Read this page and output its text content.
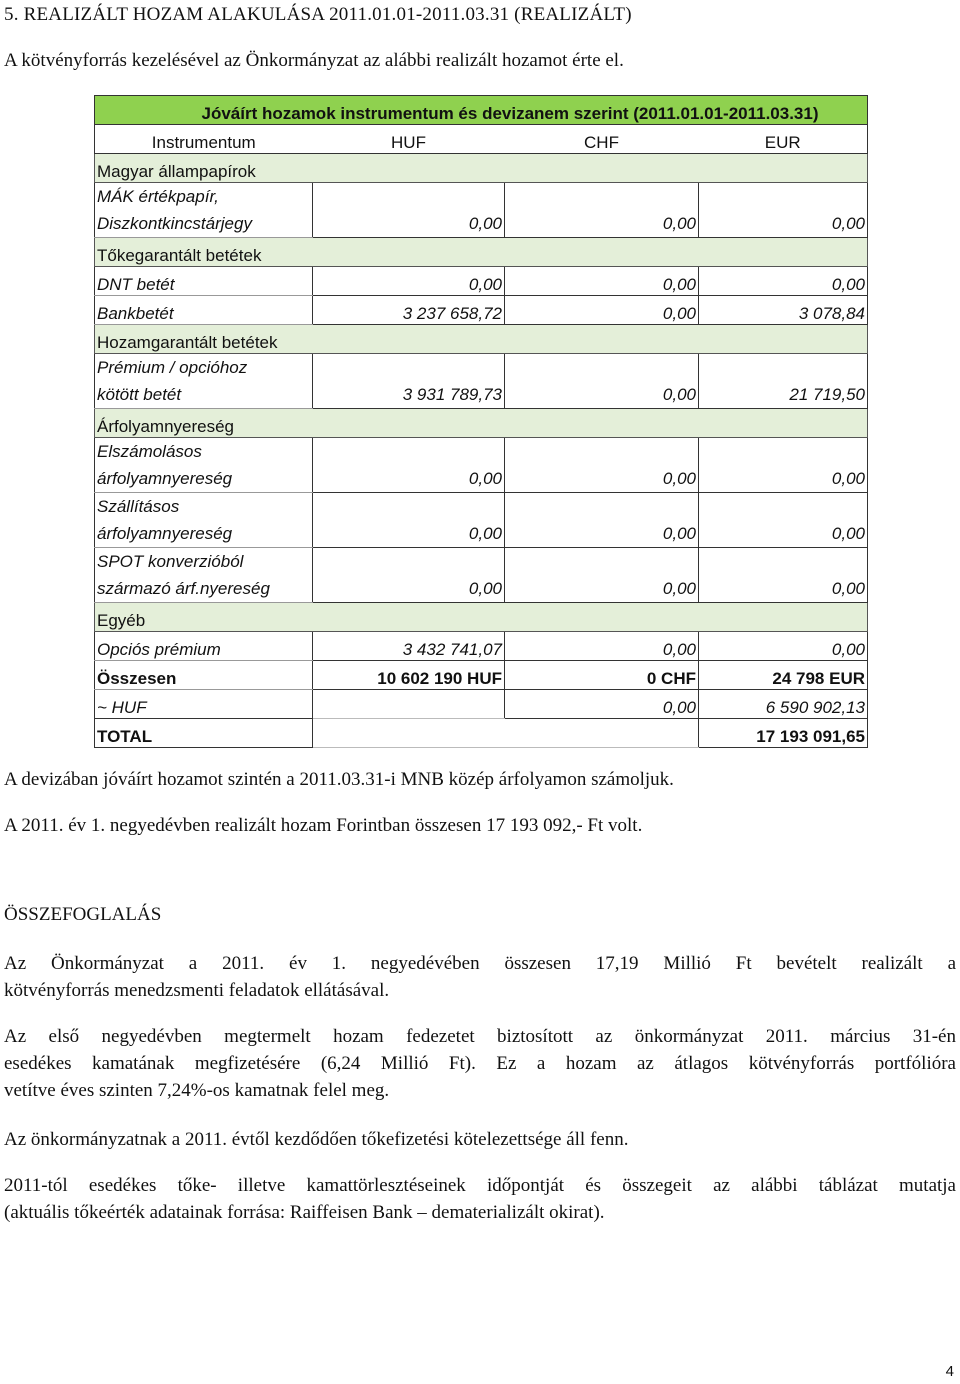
5. REALIZÁLT HOZAM ALAKULÁSA 2011.01.01-2011.03.31 (REALIZÁLT)
A kötvényforrás kezelésével az Önkormányzat az alábbi realizált hozamot érte el.
Jóváírt hozamok instrumentum és devizanem szerint (2011.01.01-2011.03.31)			
Instrumentum	HUF	CHF	EUR
Magyar állampapírok			
MÁK értékpapír,
Diszkontkincstárjegy	0,00	0,00	0,00
Tőkegarantált betétek			
DNT betét	0,00	0,00	0,00
Bankbetét	3 237 658,72	0,00	3 078,84
Hozamgarantált betétek			
Prémium / opcióhoz
kötött betét	3 931 789,73	0,00	21 719,50
Árfolyamnyereség			
Elszámolásos
árfolyamnyereség	0,00	0,00	0,00
Szállításos
árfolyamnyereség	0,00	0,00	0,00
SPOT konverzióból
származó árf.nyereség	0,00	0,00	0,00
Egyéb			
Opciós prémium	3 432 741,07	0,00	0,00
Összesen	10 602 190 HUF	0 CHF	24 798 EUR
~ HUF		0,00	6 590 902,13
TOTAL			17 193 091,65
A devizában jóváírt hozamot szintén a 2011.03.31-i MNB közép árfolyamon számoljuk.
A 2011. év 1. negyedévben realizált hozam Forintban összesen 17 193 092,- Ft volt.
ÖSSZEFOGLALÁS
Az Önkormányzat a 2011. év 1. negyedévében összesen 17,19 Millió Ft bevételt realizált a
kötvényforrás menedzsmenti feladatok ellátásával.
Az első negyedévben megtermelt hozam fedezetet biztosított az önkormányzat 2011. március 31-én
esedékes kamatának megfizetésére (6,24 Millió Ft). Ez a hozam az átlagos kötvényforrás portfólióra
vetítve éves szinten 7,24%-os kamatnak felel meg.
Az önkormányzatnak a 2011. évtől kezdődően tőkefizetési kötelezettsége áll fenn.
2011-tól esedékes tőke- illetve kamattörlesztéseinek időpontját és összegeit az alábbi táblázat mutatja
(aktuális tőkeérték adatainak forrása: Raiffeisen Bank – dematerializált okirat).
4
